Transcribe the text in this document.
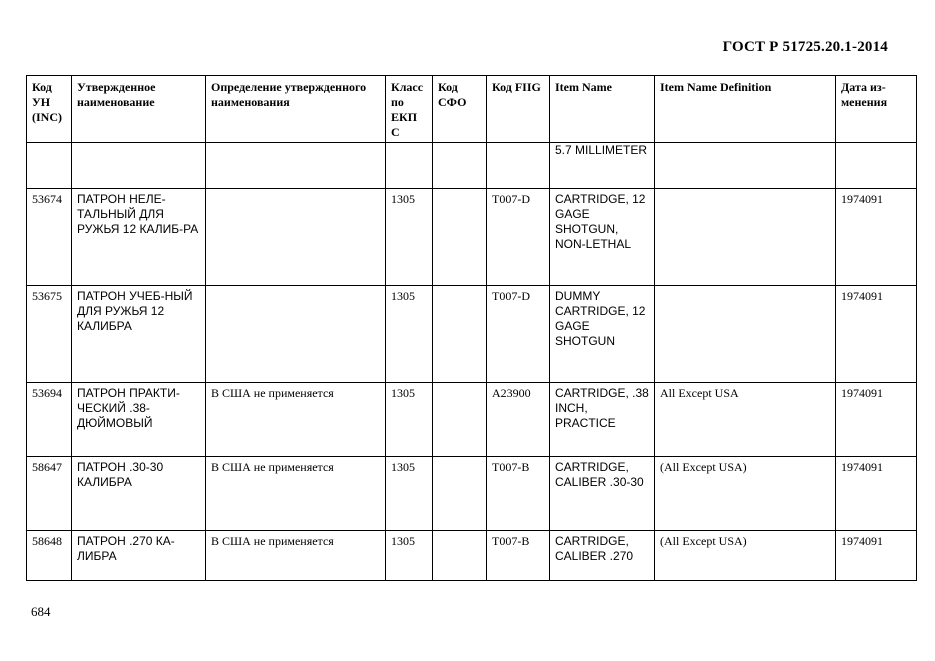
ГОСТ Р 51725.20.1-2014
Код УН (INC)	Утвержденное наименование	Определение утвержденного наименования	Класс по ЕКП С	Код СФО	Код FIIG	Item Name	Item Name Definition	Дата из-менения
						5.7 MILLIMETER		
53674	ПАТРОН НЕЛЕ-ТАЛЬНЫЙ ДЛЯ РУЖЬЯ 12 КАЛИБ-РА		1305		T007-D	CARTRIDGE, 12 GAGE SHOTGUN, NON-LETHAL		1974091
53675	ПАТРОН УЧЕБ-НЫЙ ДЛЯ РУЖЬЯ 12 КАЛИБРА		1305		T007-D	DUMMY CARTRIDGE, 12 GAGE SHOTGUN		1974091
53694	ПАТРОН ПРАКТИ-ЧЕСКИЙ .38-ДЮЙМОВЫЙ	В США не применяется	1305		A23900	CARTRIDGE, .38 INCH, PRACTICE	All Except USA	1974091
58647	ПАТРОН .30-30 КАЛИБРА	В США не применяется	1305		T007-B	CARTRIDGE, CALIBER .30-30	(All Except USA)	1974091
58648	ПАТРОН .270 КА-ЛИБРА	В США не применяется	1305		T007-B	CARTRIDGE, CALIBER .270	(All Except USA)	1974091
684
